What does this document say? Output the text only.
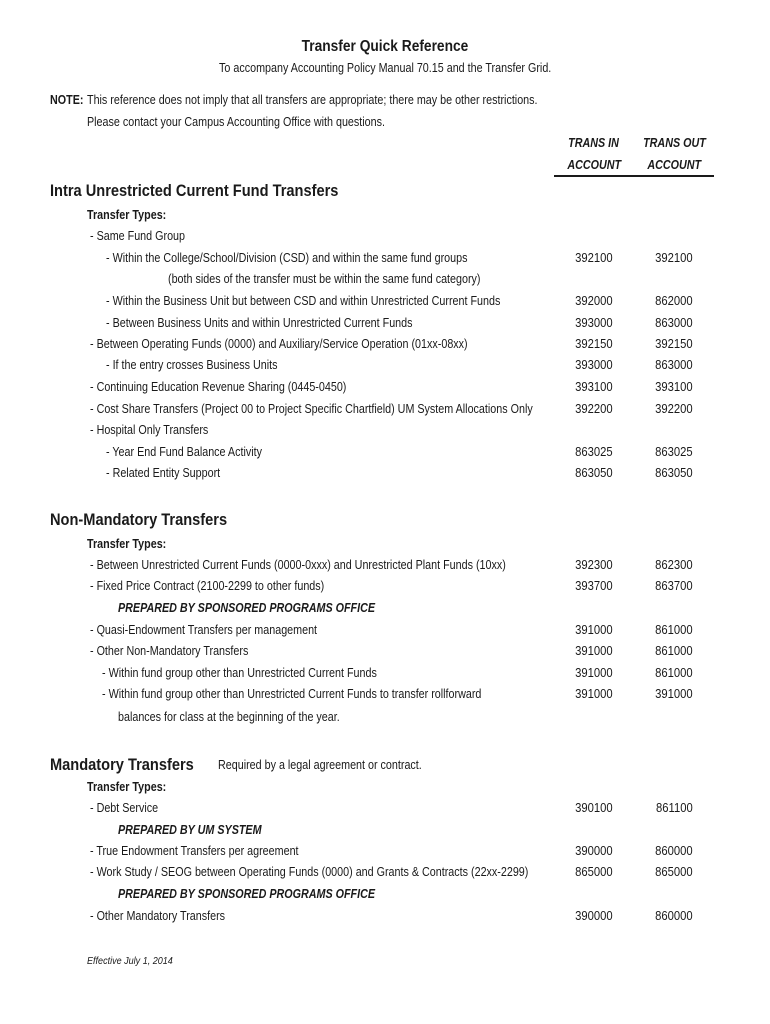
Transfer Quick Reference
To accompany Accounting Policy Manual 70.15 and the Transfer Grid.
NOTE: This reference does not imply that all transfers are appropriate; there may be other restrictions.
Please contact your Campus Accounting Office with questions.
TRANS IN
ACCOUNT
TRANS OUT
ACCOUNT
Intra Unrestricted Current Fund Transfers
Transfer Types:
- Same Fund Group
- Within the College/School/Division (CSD) and within the same fund groups	392100	392100
(both sides of the transfer must be within the same fund category)
- Within the Business Unit but between CSD and within Unrestricted Current Funds	392000	862000
- Between Business Units and within Unrestricted Current Funds	393000	863000
- Between Operating Funds (0000) and Auxiliary/Service Operation (01xx-08xx)	392150	392150
- If the entry crosses Business Units	393000	863000
- Continuing Education Revenue Sharing (0445-0450)	393100	393100
- Cost Share Transfers (Project 00 to Project Specific Chartfield) UM System Allocations Only	392200	392200
- Hospital Only Transfers
- Year End Fund Balance Activity	863025	863025
- Related Entity Support	863050	863050
Non-Mandatory Transfers
Transfer Types:
- Between Unrestricted Current Funds (0000-0xxx) and Unrestricted Plant Funds (10xx)	392300	862300
- Fixed Price Contract (2100-2299 to other funds)	393700	863700
PREPARED BY SPONSORED PROGRAMS OFFICE
- Quasi-Endowment Transfers per management	391000	861000
- Other Non-Mandatory Transfers	391000	861000
- Within fund group other than Unrestricted Current Funds	391000	861000
- Within fund group other than Unrestricted Current Funds to transfer rollforward	391000	391000
balances for class at the beginning of the year.
Mandatory Transfers	Required by a legal agreement or contract.
Transfer Types:
- Debt Service	390100	861100
PREPARED BY UM SYSTEM
- True Endowment Transfers per agreement	390000	860000
- Work Study / SEOG between Operating Funds (0000) and Grants & Contracts (22xx-2299)	865000	865000
PREPARED BY SPONSORED PROGRAMS OFFICE
- Other Mandatory Transfers	390000	860000
Effective July 1, 2014
